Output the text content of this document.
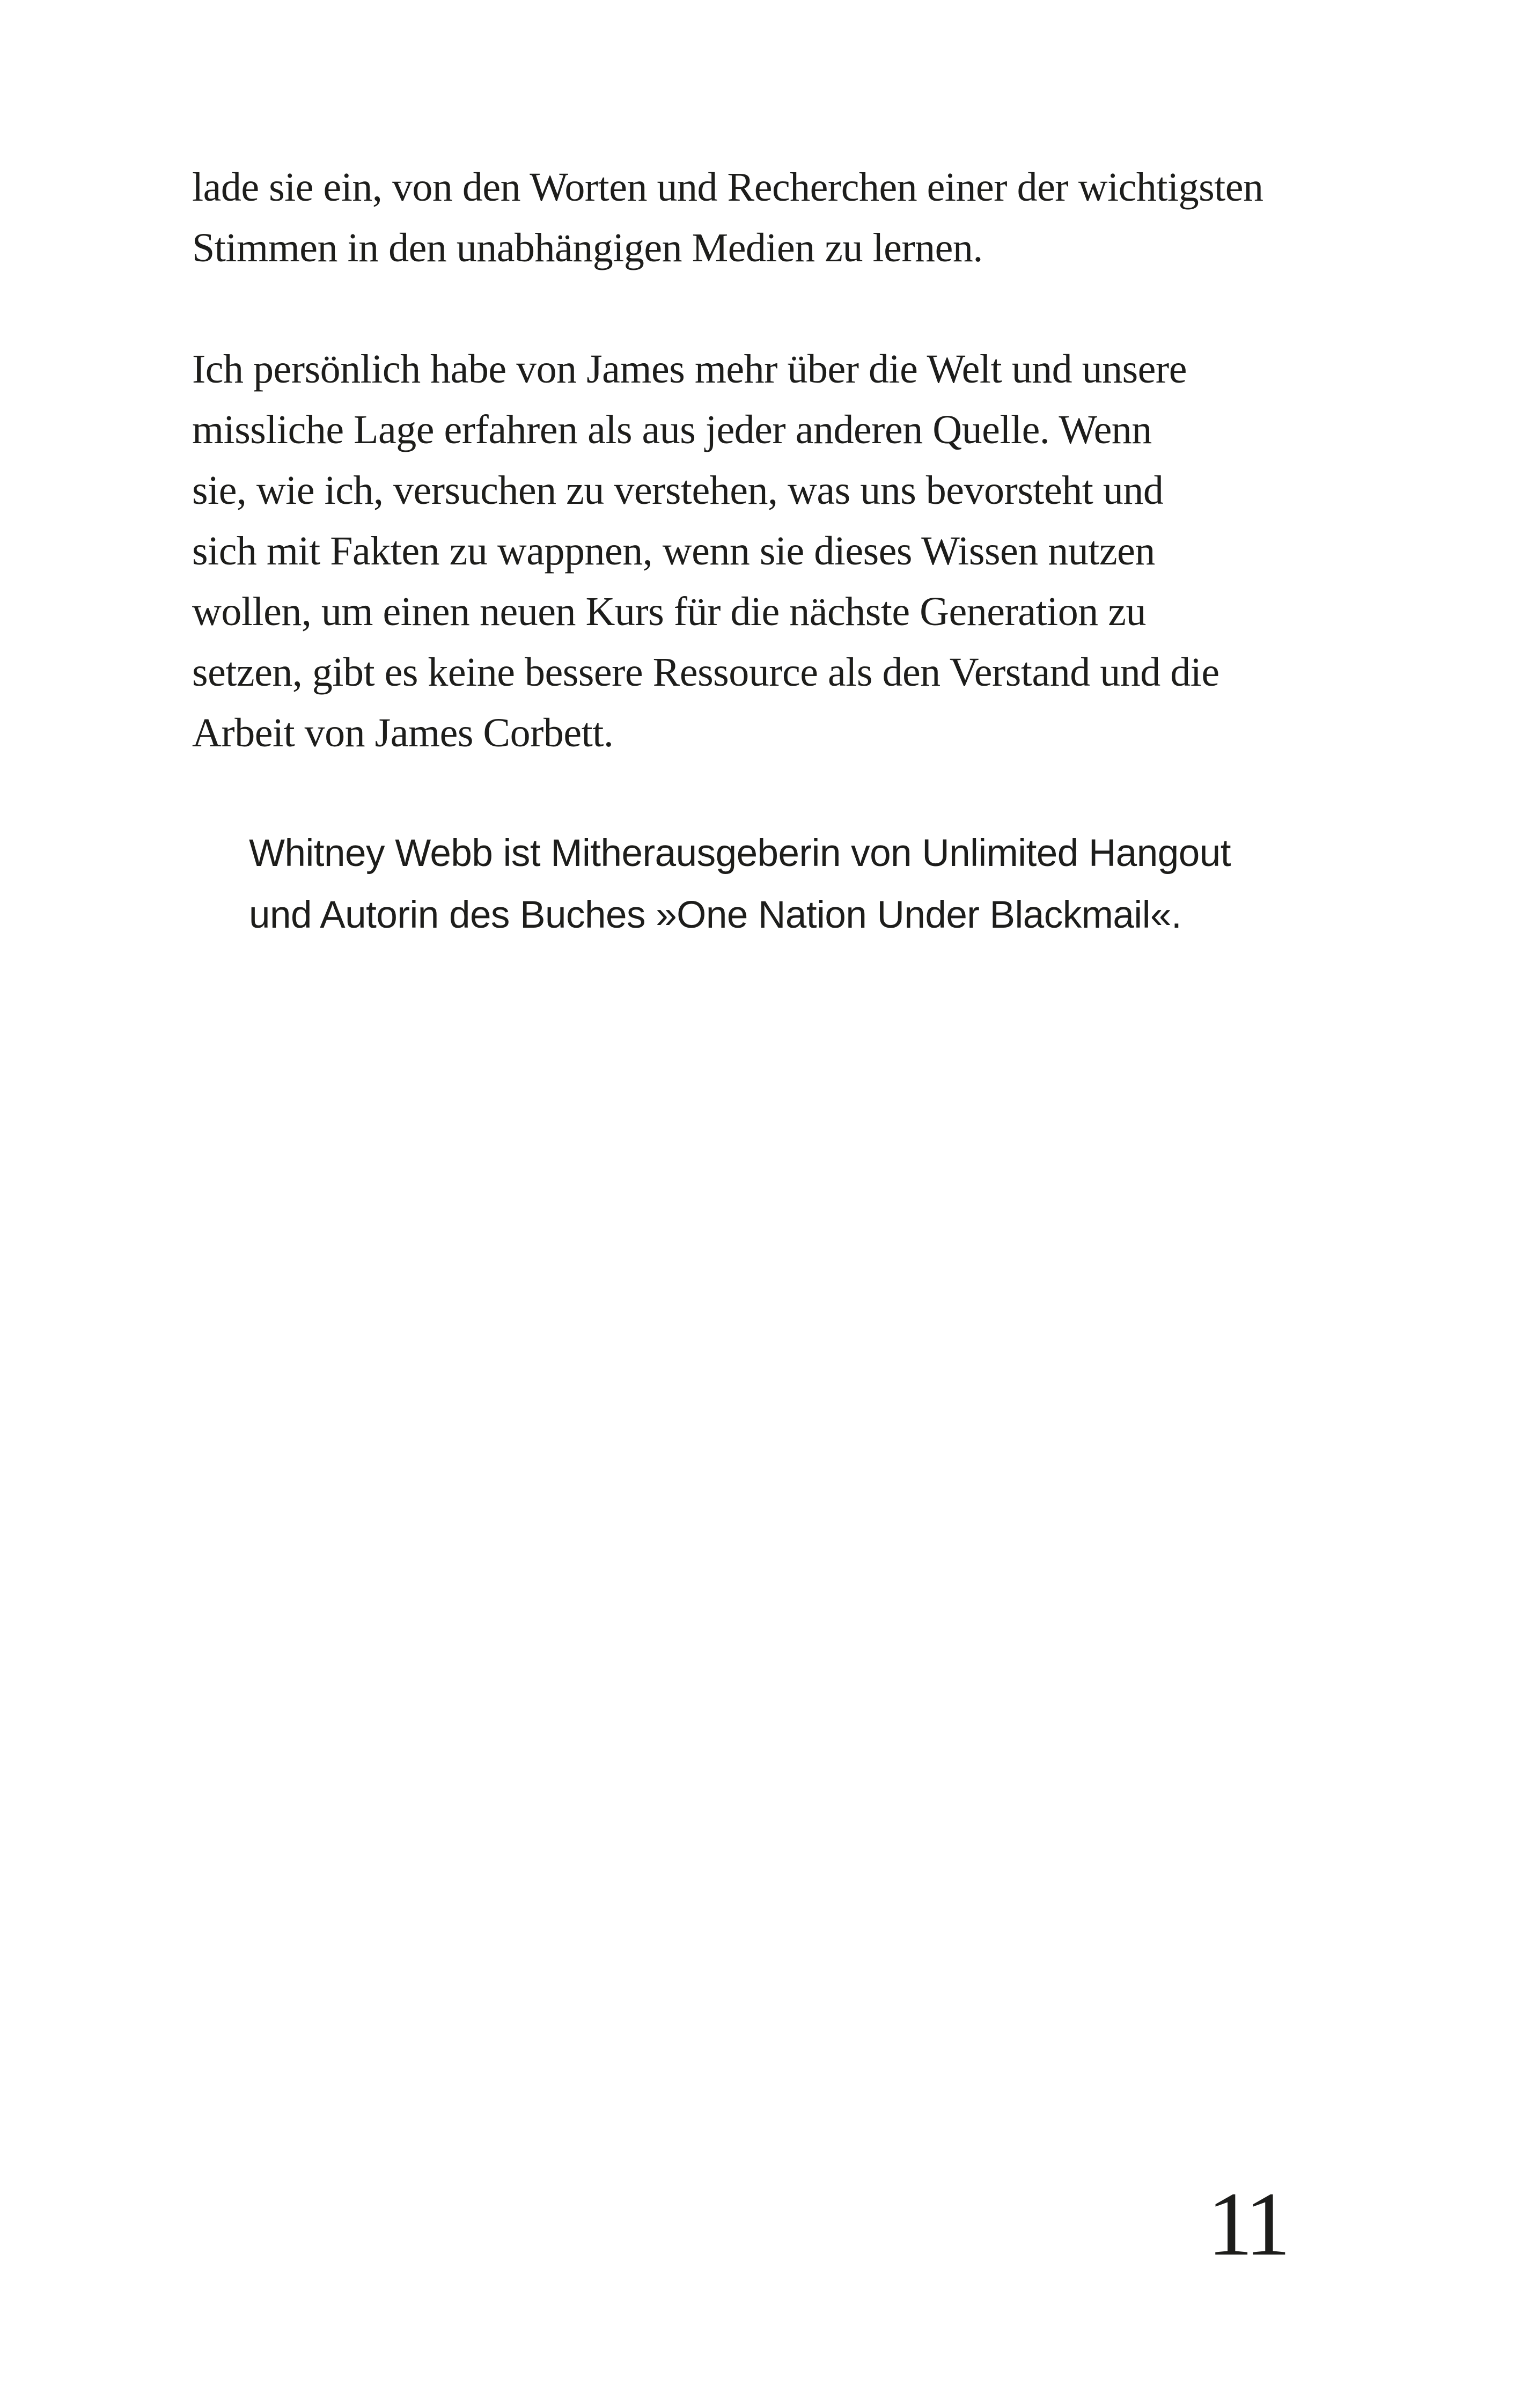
lade sie ein, von den Worten und Recherchen einer der wichtigsten
Stimmen in den unabhängigen Medien zu lernen.
Ich persönlich habe von James mehr über die Welt und unsere
missliche Lage erfahren als aus jeder anderen Quelle. Wenn
sie, wie ich, versuchen zu verstehen, was uns bevorsteht und
sich mit Fakten zu wappnen, wenn sie dieses Wissen nutzen
wollen, um einen neuen Kurs für die nächste Generation zu
setzen, gibt es keine bessere Ressource als den Verstand und die
Arbeit von James Corbett.
Whitney Webb ist Mitherausgeberin von Unlimited Hangout
und Autorin des Buches »One Nation Under Blackmail«.
11
